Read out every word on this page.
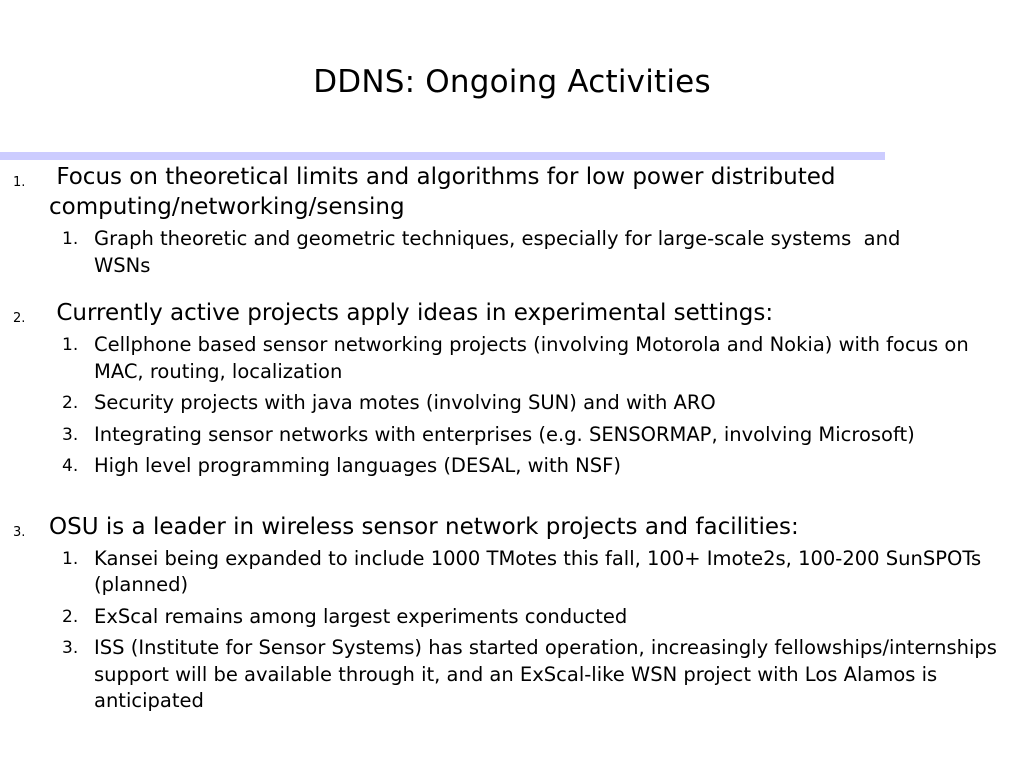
DDNS: Ongoing Activities
1. Focus on theoretical limits and algorithms for low power distributed computing/networking/sensing
1. Graph theoretic and geometric techniques, especially for large-scale systems  and WSNs
2. Currently active projects apply ideas in experimental settings:
1. Cellphone based sensor networking projects (involving Motorola and Nokia) with focus on MAC, routing, localization
2. Security projects with java motes (involving SUN) and with ARO
3. Integrating sensor networks with enterprises (e.g. SENSORMAP, involving Microsoft)
4. High level programming languages (DESAL, with NSF)
3. OSU is a leader in wireless sensor network projects and facilities:
1. Kansei being expanded to include 1000 TMotes this fall, 100+ Imote2s, 100-200 SunSPOTs (planned)
2. ExScal remains among largest experiments conducted
3. ISS (Institute for Sensor Systems) has started operation, increasingly fellowships/internships support will be available through it, and an ExScal-like WSN project with Los Alamos is anticipated
